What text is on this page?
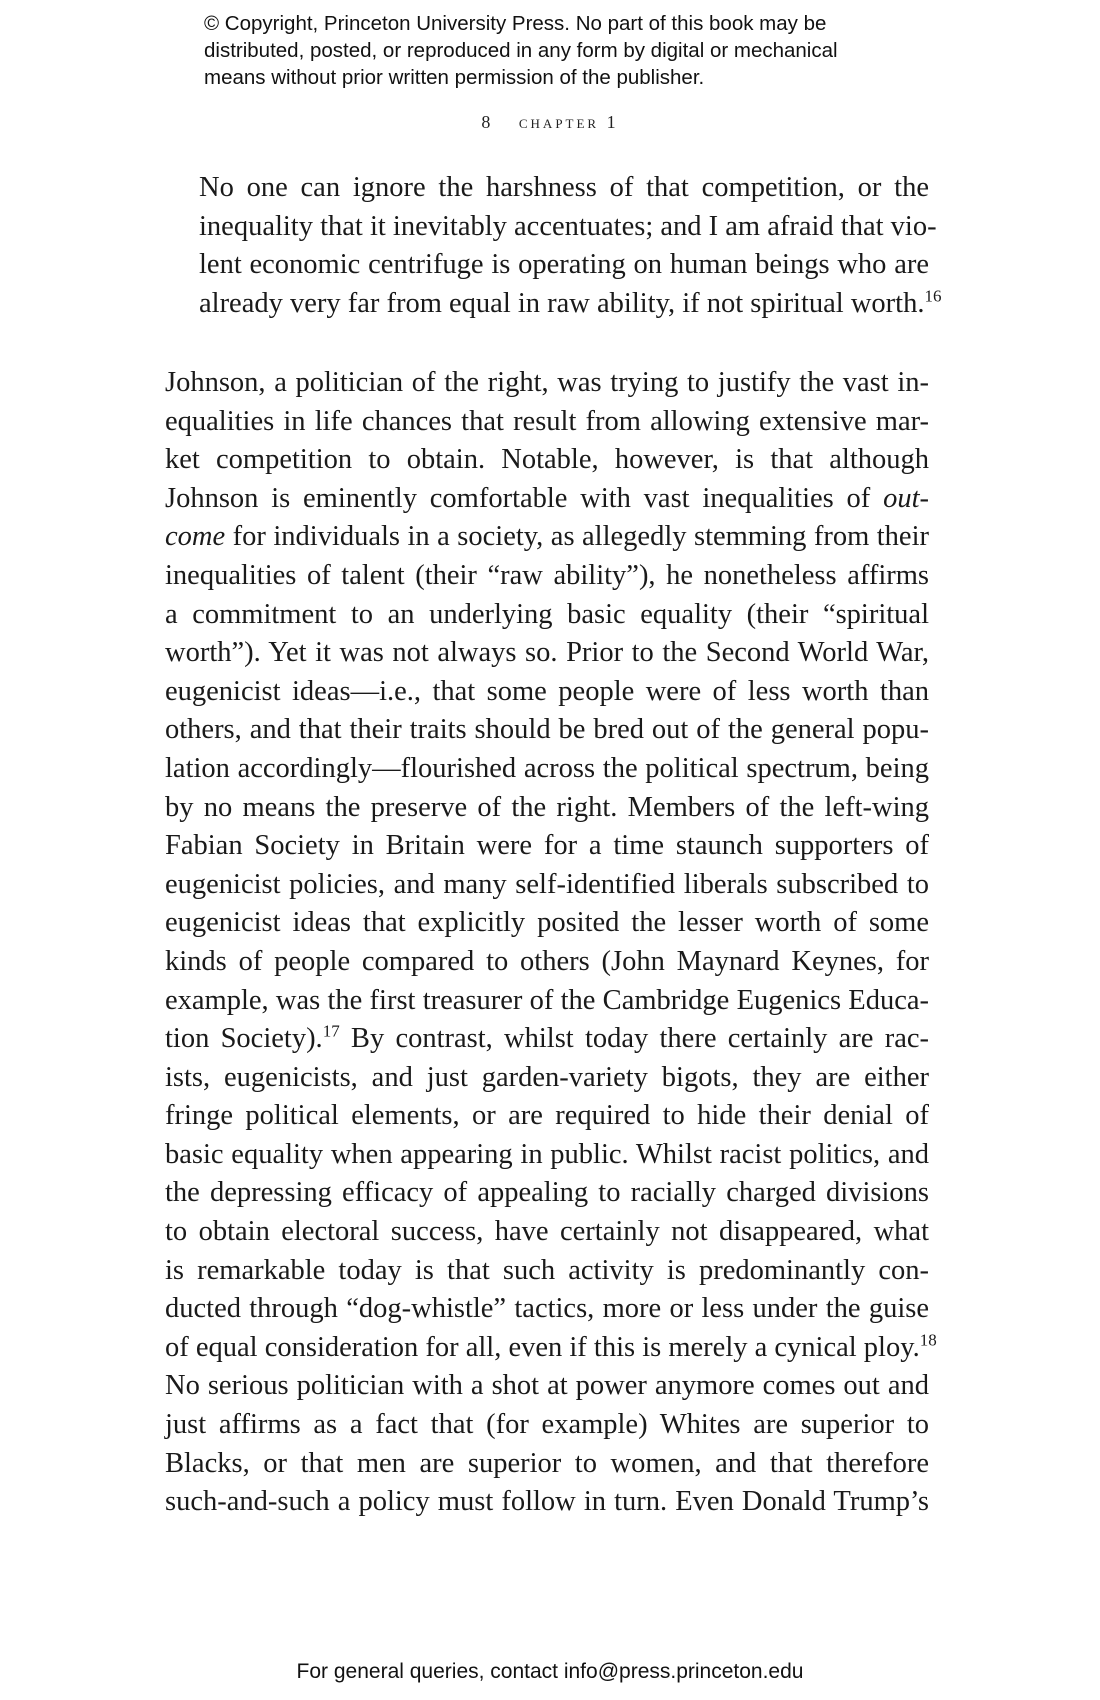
© Copyright, Princeton University Press. No part of this book may be
distributed, posted, or reproduced in any form by digital or mechanical
means without prior written permission of the publisher.
8 chapter 1
No one can ignore the harshness of that competition, or the
inequality that it inevitably accentuates; and I am afraid that vio-
lent economic centrifuge is operating on human beings who are
already very far from equal in raw ability, if not spiritual worth.$^{16}$
Johnson, a politician of the right, was trying to justify the vast in-
equalities in life chances that result from allowing extensive mar-
ket competition to obtain. Notable, however, is that although
Johnson is eminently comfortable with vast inequalities of out-
come for individuals in a society, as allegedly stemming from their
inequalities of talent (their “raw ability”), he nonetheless affirms
a commitment to an underlying basic equality (their “spiritual
worth”). Yet it was not always so. Prior to the Second World War,
eugenicist ideas—i.e., that some people were of less worth than
others, and that their traits should be bred out of the general popu-
lation accordingly—flourished across the political spectrum, being
by no means the preserve of the right. Members of the left-wing
Fabian Society in Britain were for a time staunch supporters of
eugenicist policies, and many self-identified liberals subscribed to
eugenicist ideas that explicitly posited the lesser worth of some
kinds of people compared to others (John Maynard Keynes, for
example, was the first treasurer of the Cambridge Eugenics Educa-
tion Society).$^{17}$ By contrast, whilst today there certainly are rac-
ists, eugenicists, and just garden-variety bigots, they are either
fringe political elements, or are required to hide their denial of
basic equality when appearing in public. Whilst racist politics, and
the depressing efficacy of appealing to racially charged divisions
to obtain electoral success, have certainly not disappeared, what
is remarkable today is that such activity is predominantly con-
ducted through “dog-whistle” tactics, more or less under the guise
of equal consideration for all, even if this is merely a cynical ploy.$^{18}$
No serious politician with a shot at power anymore comes out and
just affirms as a fact that (for example) Whites are superior to
Blacks, or that men are superior to women, and that therefore
such-and-such a policy must follow in turn. Even Donald Trump’s
For general queries, contact info@press.princeton.edu
